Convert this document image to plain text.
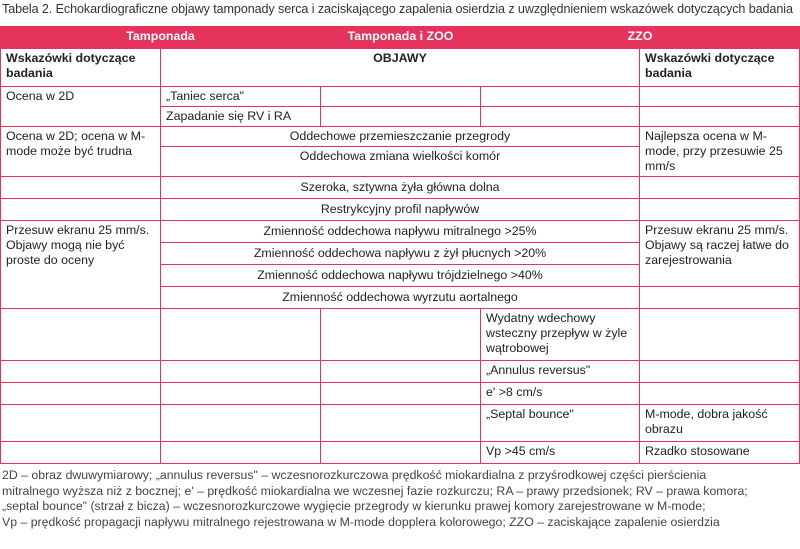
Tabela 2. Echokardiograficzne objawy tamponady serca i zaciskającego zapalenia osierdzia z uwzględnieniem wskazówek dotyczących badania
Tamponada		Tamponada i ZOO	ZZO	
Wskazówki dotyczące badania	OBJAWY			Wskazówki dotyczące badania
Ocena w 2D	„Taniec serca"			
	Zapadanie się RV i RA			
Ocena w 2D; ocena w M-mode może być trudna	Oddechowe przemieszczanie przegrody			Najlepsza ocena w M-mode, przy przesuwie 25 mm/s
	Oddechowa zmiana wielkości komór			
	Szeroka, sztywna żyła główna dolna			
	Restrykcyjny profil napływów			
Przesuw ekranu 25 mm/s. Objawy mogą nie być proste do oceny	Zmienność oddechowa napływu mitralnego >25%			Przesuw ekranu 25 mm/s. Objawy są raczej łatwe do zarejestrowania
	Zmienność oddechowa napływu z żył płucnych >20%			
	Zmienność oddechowa napływu trójdzielnego >40%			
	Zmienność oddechowa wyrzutu aortalnego			
			Wydatny wdechowy wsteczny przepływ w żyle wątrobowej	
			„Annulus reversus"	
			e' >8 cm/s	
			„Septal bounce"	M-mode, dobra jakość obrazu
			Vp >45 cm/s	Rzadko stosowane

2D – obraz dwuwymiarowy; „annulus reversus" – wczesnorozkurczowa prędkość miokardialna z przyśrodkowej części pierścienia

mitralnego wyższa niż z bocznej; e' – prędkość miokardialna we wczesnej fazie rozkurczu; RA – prawy przedsionek; RV – prawa komora;

„septal bounce" (strzał z bicza) – wczesnorozkurczowe wygięcie przegrody w kierunku prawej komory zarejestrowane w M-mode;

Vp – prędkość propagacji napływu mitralnego rejestrowana w M-mode dopplera kolorowego; ZZO – zaciskające zapalenie osierdzia
